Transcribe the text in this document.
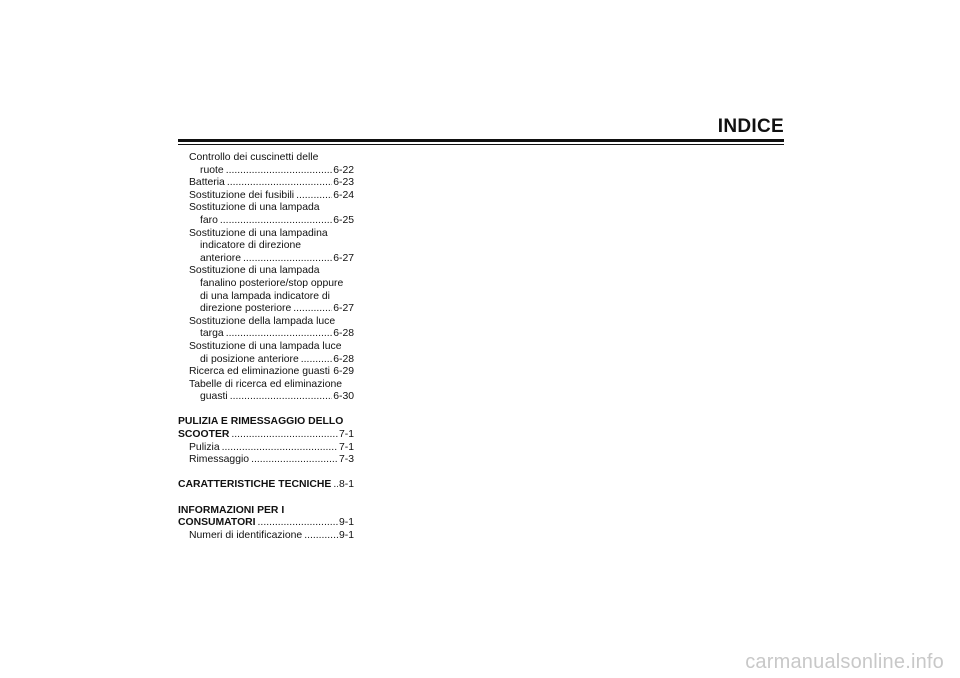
INDICE
Controllo dei cuscinetti delle
ruote .....	6-22
Batteria .....	6-23
Sostituzione dei fusibili .....	6-24
Sostituzione di una lampada
faro .....	6-25
Sostituzione di una lampadina
indicatore di direzione
anteriore .....	6-27
Sostituzione di una lampada
fanalino posteriore/stop oppure
di una lampada indicatore di
direzione posteriore .....	6-27
Sostituzione della lampada luce
targa .....	6-28
Sostituzione di una lampada luce
di posizione anteriore .....	6-28
Ricerca ed eliminazione guasti ..... 6-29
Tabelle di ricerca ed eliminazione
guasti .....	6-30
PULIZIA E RIMESSAGGIO DELLO
SCOOTER .....	7-1
Pulizia .....	7-1
Rimessaggio .....	7-3
CARATTERISTICHE TECNICHE ..... 8-1
INFORMAZIONI PER I
CONSUMATORI .....	9-1
Numeri di identificazione .....	9-1
carmanualsonline.info
